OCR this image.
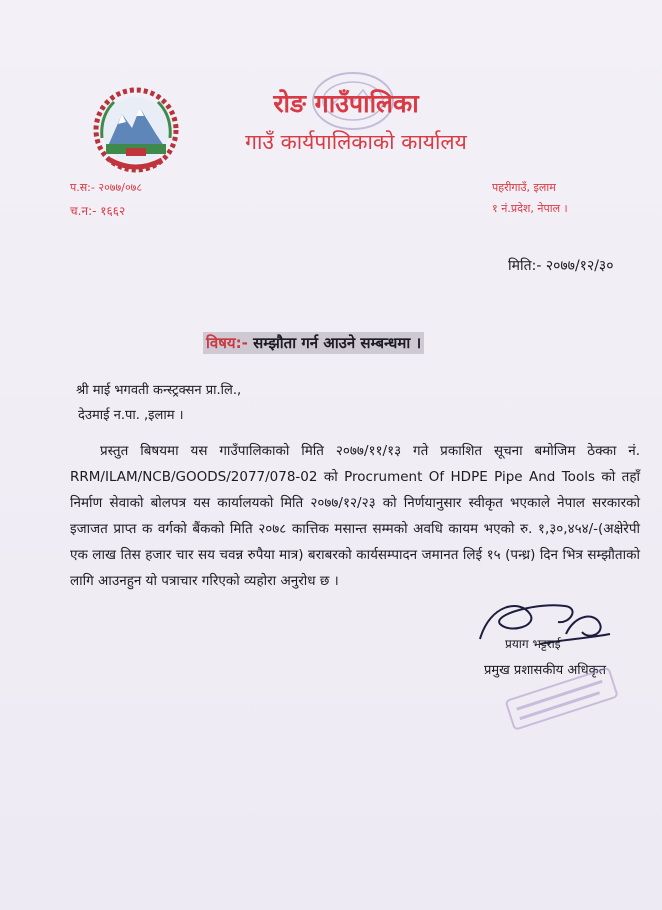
रोङ गाउँपालिका
गाउँ कार्यपालिकाको कार्यालय
प.स:- २०७७/०७८
च.न:- १६६२
पहरीगाउँ, इलाम
१ नं.प्रदेश, नेपाल ।
मिति:- २०७७/१२/३०
विषय:- सम्झौता गर्न आउने सम्बन्धमा ।
श्री माई भगवती कन्स्ट्रक्सन प्रा.लि.,
देउमाई न.पा. ,इलाम ।
प्रस्तुत बिषयमा यस गाउँपालिकाको मिति २०७७/११/१३ गते प्रकाशित सूचना बमोजिम ठेक्का नं. RRM/ILAM/NCB/GOODS/2077/078-02 को Procrument Of HDPE Pipe And Tools को तहाँ निर्माण सेवाको बोलपत्र यस कार्यालयको मिति २०७७/१२/२३ को निर्णयानुसार स्वीकृत भएकाले नेपाल सरकारको इजाजत प्राप्त क वर्गको बैंकको मिति २०७८ कात्तिक मसान्त सम्मको अवधि कायम भएको रु. १,३०,४५४/-(अक्षेरेपी एक लाख तिस हजार चार सय चवन्न रुपैया मात्र) बराबरको कार्यसम्पादन जमानत लिई १५ (पन्ध्र) दिन भित्र सम्झौताको लागि आउनहुन यो पत्राचार गरिएको व्यहोरा अनुरोध छ ।
प्रयाग भट्टराई
प्रमुख प्रशासकीय अधिकृत
